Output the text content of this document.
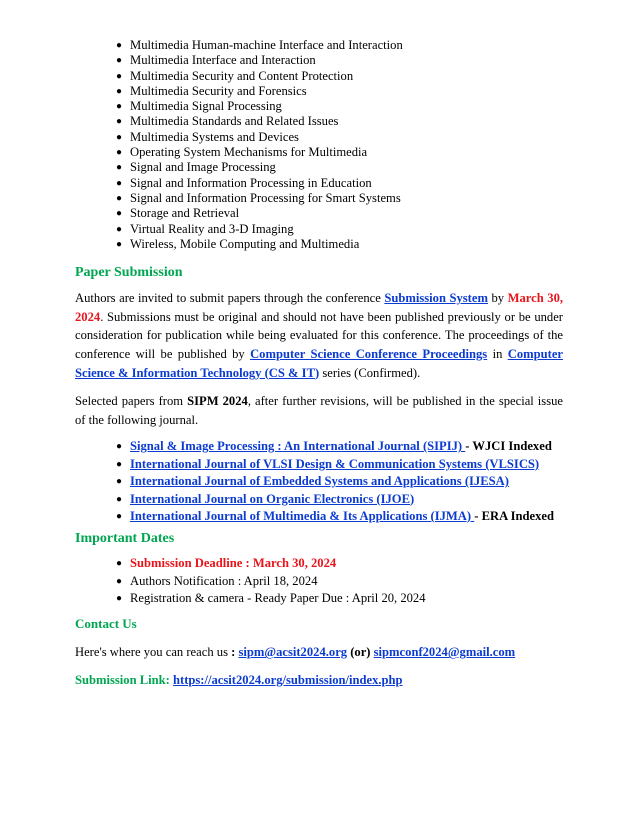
● Multimedia Human-machine Interface and Interaction
● Multimedia Interface and Interaction
● Multimedia Security and Content Protection
● Multimedia Security and Forensics
● Multimedia Signal Processing
● Multimedia Standards and Related Issues
● Multimedia Systems and Devices
● Operating System Mechanisms for Multimedia
● Signal and Image Processing
● Signal and Information Processing in Education
● Signal and Information Processing for Smart Systems
● Storage and Retrieval
● Virtual Reality and 3-D Imaging
● Wireless, Mobile Computing and Multimedia
Paper Submission

Authors are invited to submit papers through the conference Submission System by March 30, 2024. Submissions must be original and should not have been published previously or be under consideration for publication while being evaluated for this conference. The proceedings of the conference will be published by Computer Science Conference Proceedings in Computer Science & Information Technology (CS & IT) series (Confirmed).

Selected papers from SIPM 2024, after further revisions, will be published in the special issue of the following journal.

● Signal & Image Processing : An International Journal (SIPIJ) - WJCI Indexed
● International Journal of VLSI Design & Communication Systems (VLSICS)
● International Journal of Embedded Systems and Applications (IJESA)
● International Journal on Organic Electronics (IJOE)
● International Journal of Multimedia & Its Applications (IJMA) - ERA Indexed
Important Dates
● Submission Deadline : March 30, 2024
● Authors Notification : April 18, 2024
● Registration & camera - Ready Paper Due : April 20, 2024
Contact Us

Here's where you can reach us : sipm@acsit2024.org (or) sipmconf2024@gmail.com

Submission Link: https://acsit2024.org/submission/index.php
